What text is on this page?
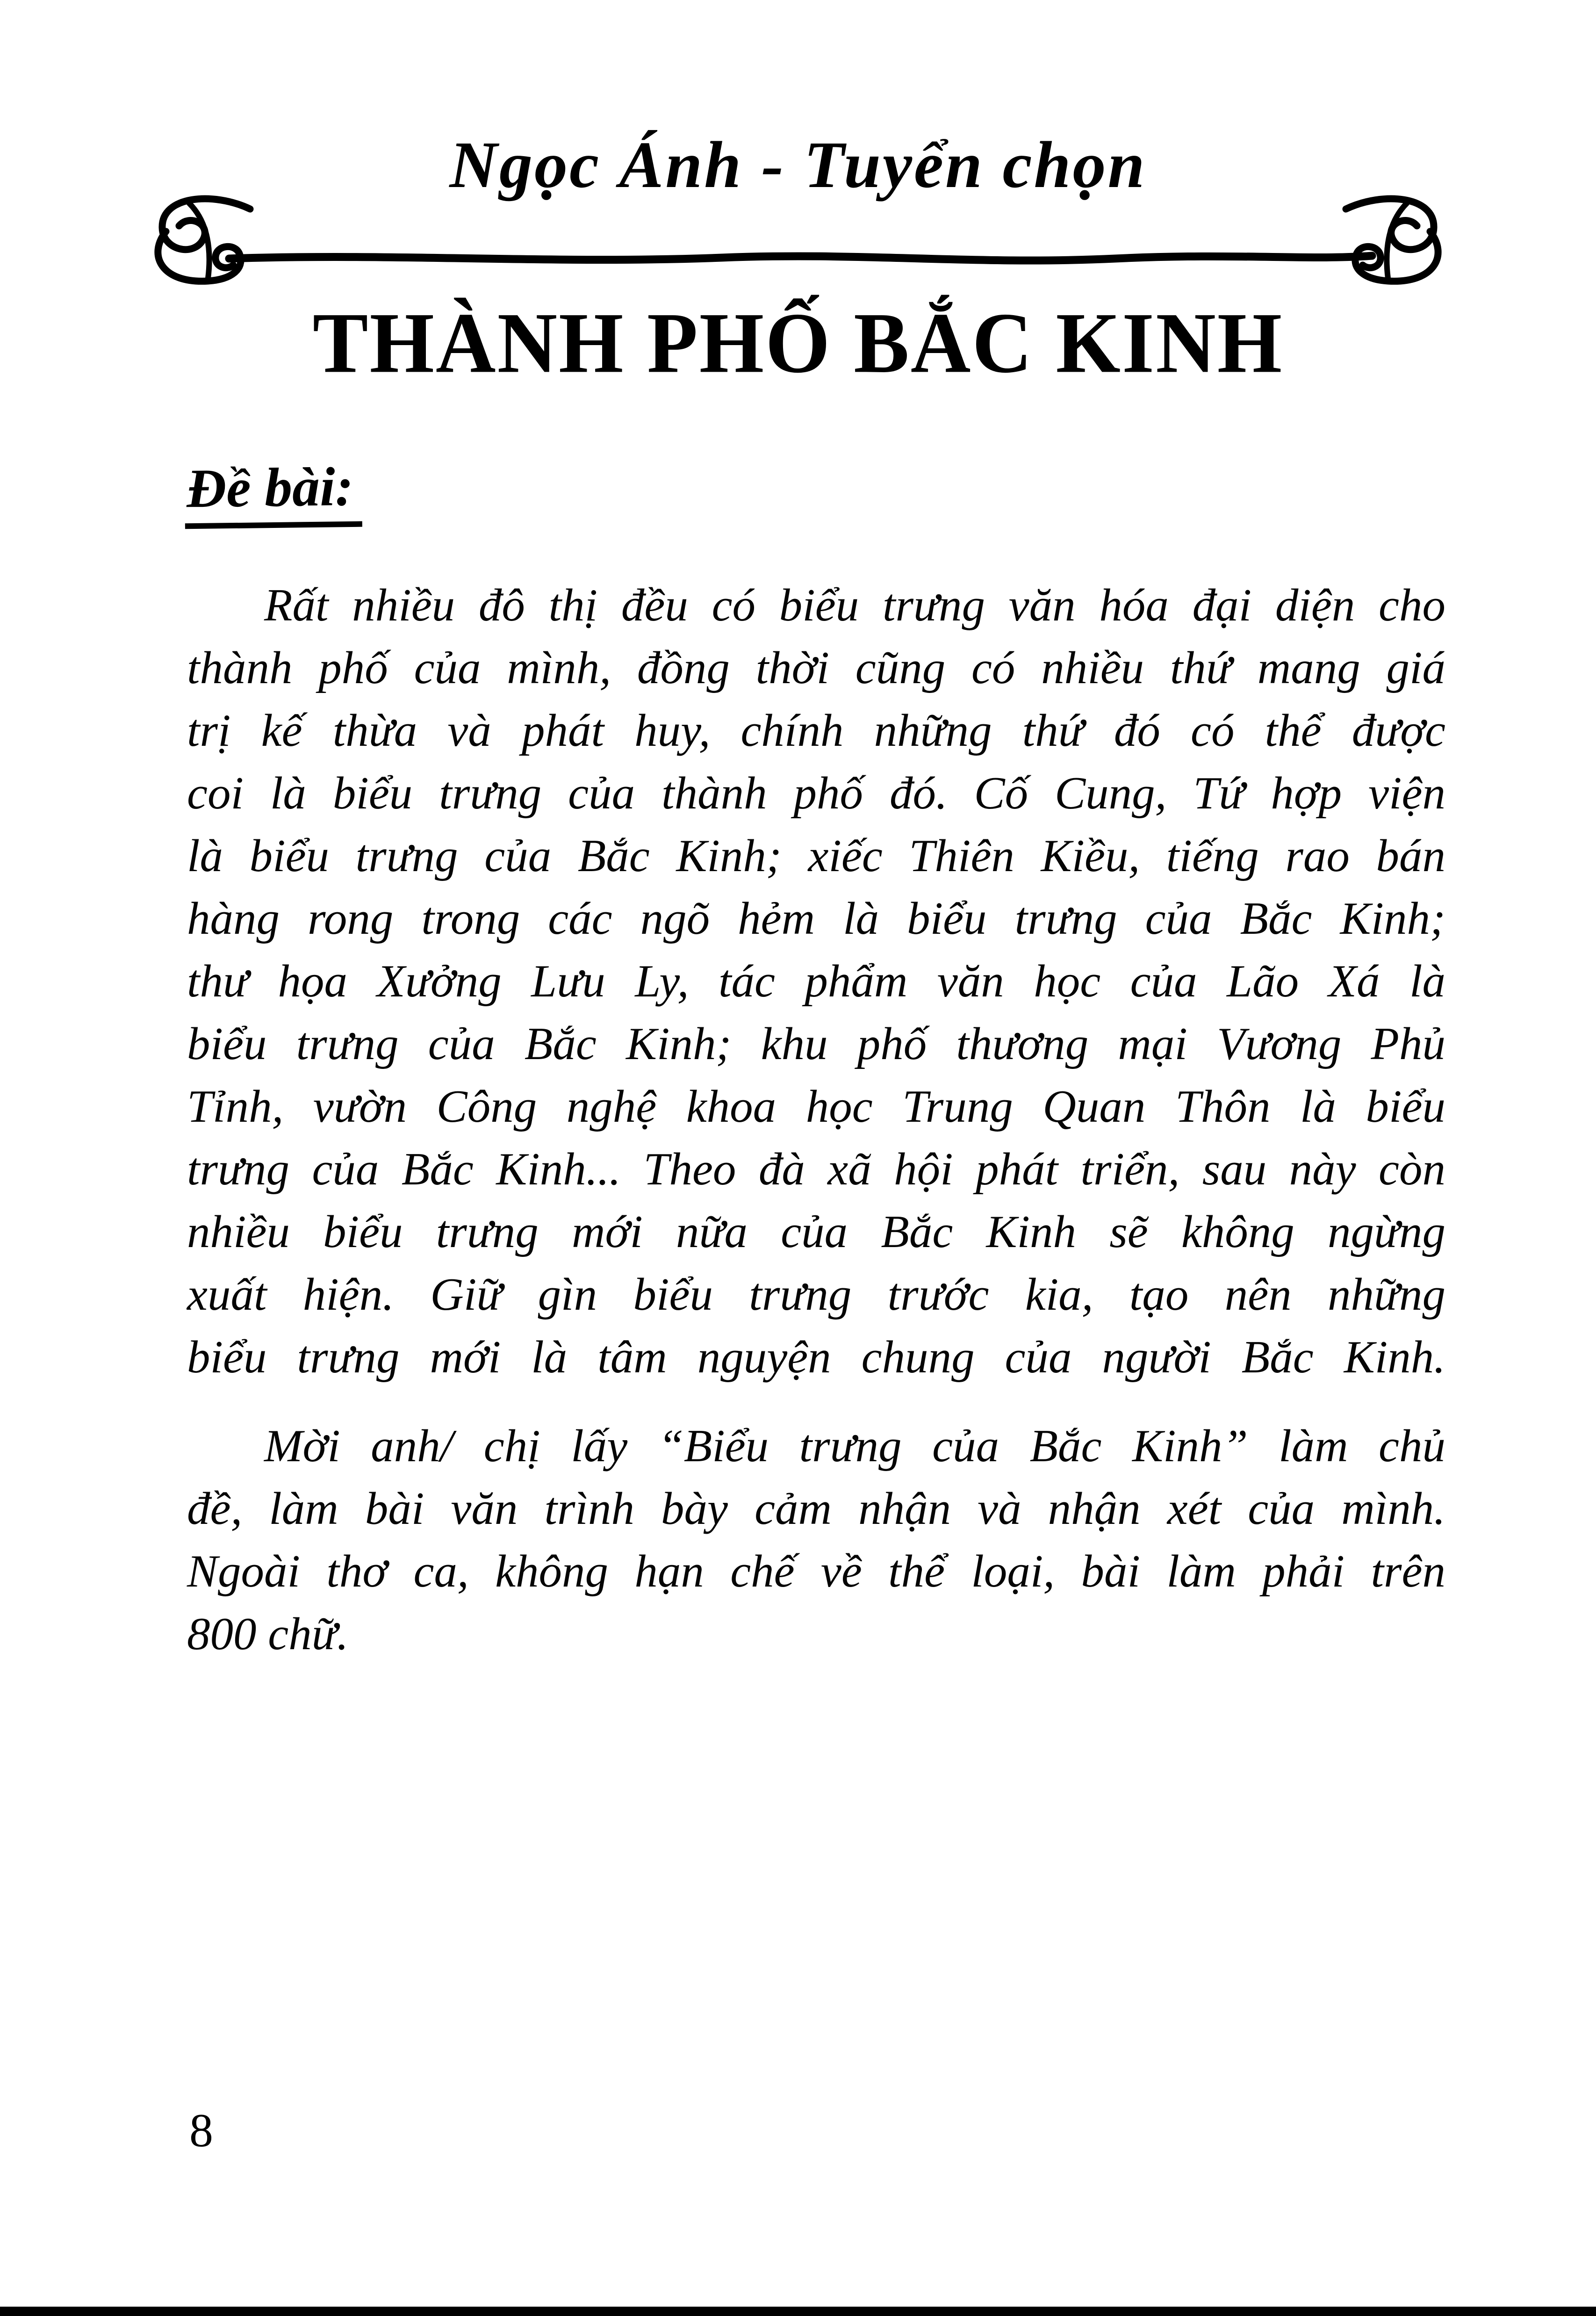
Ngọc Ánh - Tuyển chọn
THÀNH PHỐ BẮC KINH
Đề bài:
Rất nhiều đô thị đều có biểu trưng văn hóa đại diện cho
thành phố của mình, đồng thời cũng có nhiều thứ mang giá
trị kế thừa và phát huy, chính những thứ đó có thể được
coi là biểu trưng của thành phố đó. Cố Cung, Tứ hợp viện
là biểu trưng của Bắc Kinh; xiếc Thiên Kiều, tiếng rao bán
hàng rong trong các ngõ hẻm là biểu trưng của Bắc Kinh;
thư họa Xưởng Lưu Ly, tác phẩm văn học của Lão Xá là
biểu trưng của Bắc Kinh; khu phố thương mại Vương Phủ
Tỉnh, vườn Công nghệ khoa học Trung Quan Thôn là biểu
trưng của Bắc Kinh... Theo đà xã hội phát triển, sau này còn
nhiều biểu trưng mới nữa của Bắc Kinh sẽ không ngừng
xuất hiện. Giữ gìn biểu trưng trước kia, tạo nên những
biểu trưng mới là tâm nguyện chung của người Bắc Kinh.
Mời anh/ chị lấy “Biểu trưng của Bắc Kinh” làm chủ
đề, làm bài văn trình bày cảm nhận và nhận xét của mình.
Ngoài thơ ca, không hạn chế về thể loại, bài làm phải trên
800 chữ.
8
